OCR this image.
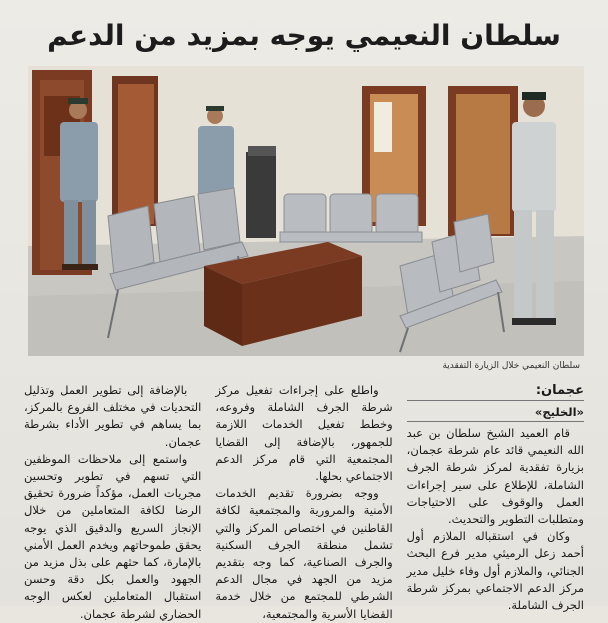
سلطان النعيمي يوجه بمزيد من الدعم
سلطان النعيمي خلال الزيارة التفقدية
عجمان:
«الخليج»
قام العميد الشيخ سلطان بن عبد الله النعيمي قائد عام شرطة عجمان، بزيارة تفقدية لمركز شرطة الجرف الشاملة، للإطلاع على سير إجراءات العمل والوقوف على الاحتياجات ومتطلبات التطوير والتحديث.
وكان في استقباله الملازم أول أحمد زعل الرميثي مدير فرع البحث الجنائي، والملازم أول وفاء خليل مدير مركز الدعم الاجتماعي بمركز شرطة الجرف الشاملة.
واطلع على إجراءات تفعيل مركز شرطة الجرف الشاملة وفروعه، وخطط تفعيل الخدمات اللازمة للجمهور، بالإضافة إلى القضايا المجتمعية التي قام مركز الدعم الاجتماعي بحلها.
ووجه بضرورة تقديم الخدمات الأمنية والمرورية والمجتمعية لكافة القاطنين في اختصاص المركز والتي تشمل منطقة الجرف السكنية والجرف الصناعية، كما وجه بتقديم مزيد من الجهد في مجال الدعم الشرطي للمجتمع من خلال خدمة القضايا الأسرية والمجتمعية،
بالإضافة إلى تطوير العمل وتذليل التحديات في مختلف الفروع بالمركز، بما يساهم في تطوير الأداء بشرطة عجمان.
واستمع إلى ملاحظات الموظفين التي تسهم في تطوير وتحسين مجريات العمل، مؤكداً ضرورة تحقيق الرضا لكافة المتعاملين من خلال الإنجاز السريع والدقيق الذي يوجه يحقق طموحاتهم ويخدم العمل الأمني بالإمارة، كما حثهم على بذل مزيد من الجهود والعمل بكل دقة وحسن استقبال المتعاملين لعكس الوجه الحضاري لشرطة عجمان.
